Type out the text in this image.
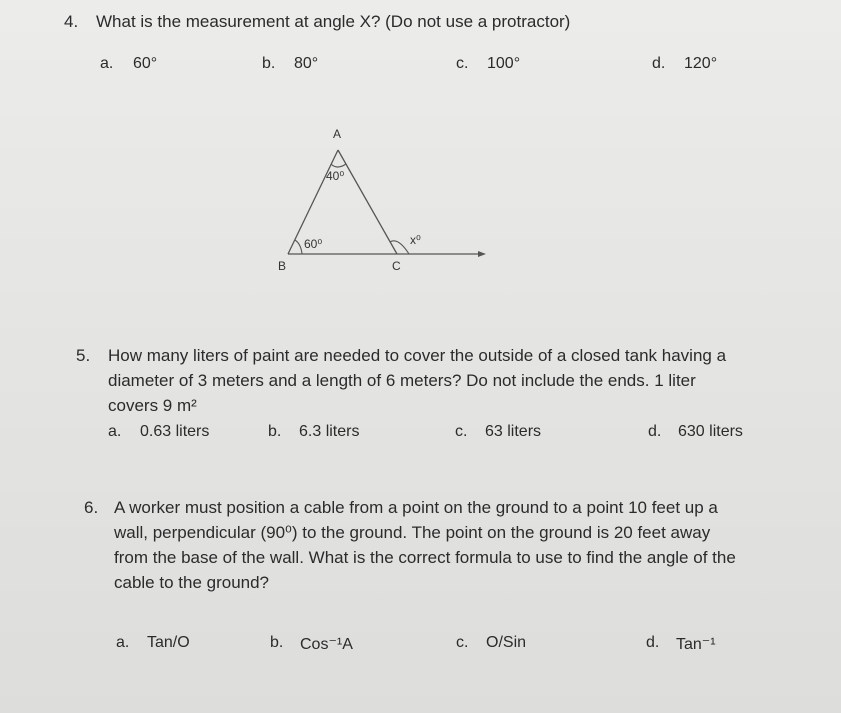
4. What is the measurement at angle X? (Do not use a protractor)
a. 60°	b. 80°	c. 100°	d. 120°
A
B	C
40⁰
60⁰	x⁰
5. How many liters of paint are needed to cover the outside of a closed tank having a
diameter of 3 meters and a length of 6 meters? Do not include the ends. 1 liter
covers 9 m²
a. 0.63 liters	b. 6.3 liters	c. 63 liters	d. 630 liters
6. A worker must position a cable from a point on the ground to a point 10 feet up a
wall, perpendicular (90⁰) to the ground. The point on the ground is 20 feet away
from the base of the wall. What is the correct formula to use to find the angle of the
cable to the ground?
a. Tan/O	b. Cos⁻¹A	c. O/Sin	d. Tan⁻¹
